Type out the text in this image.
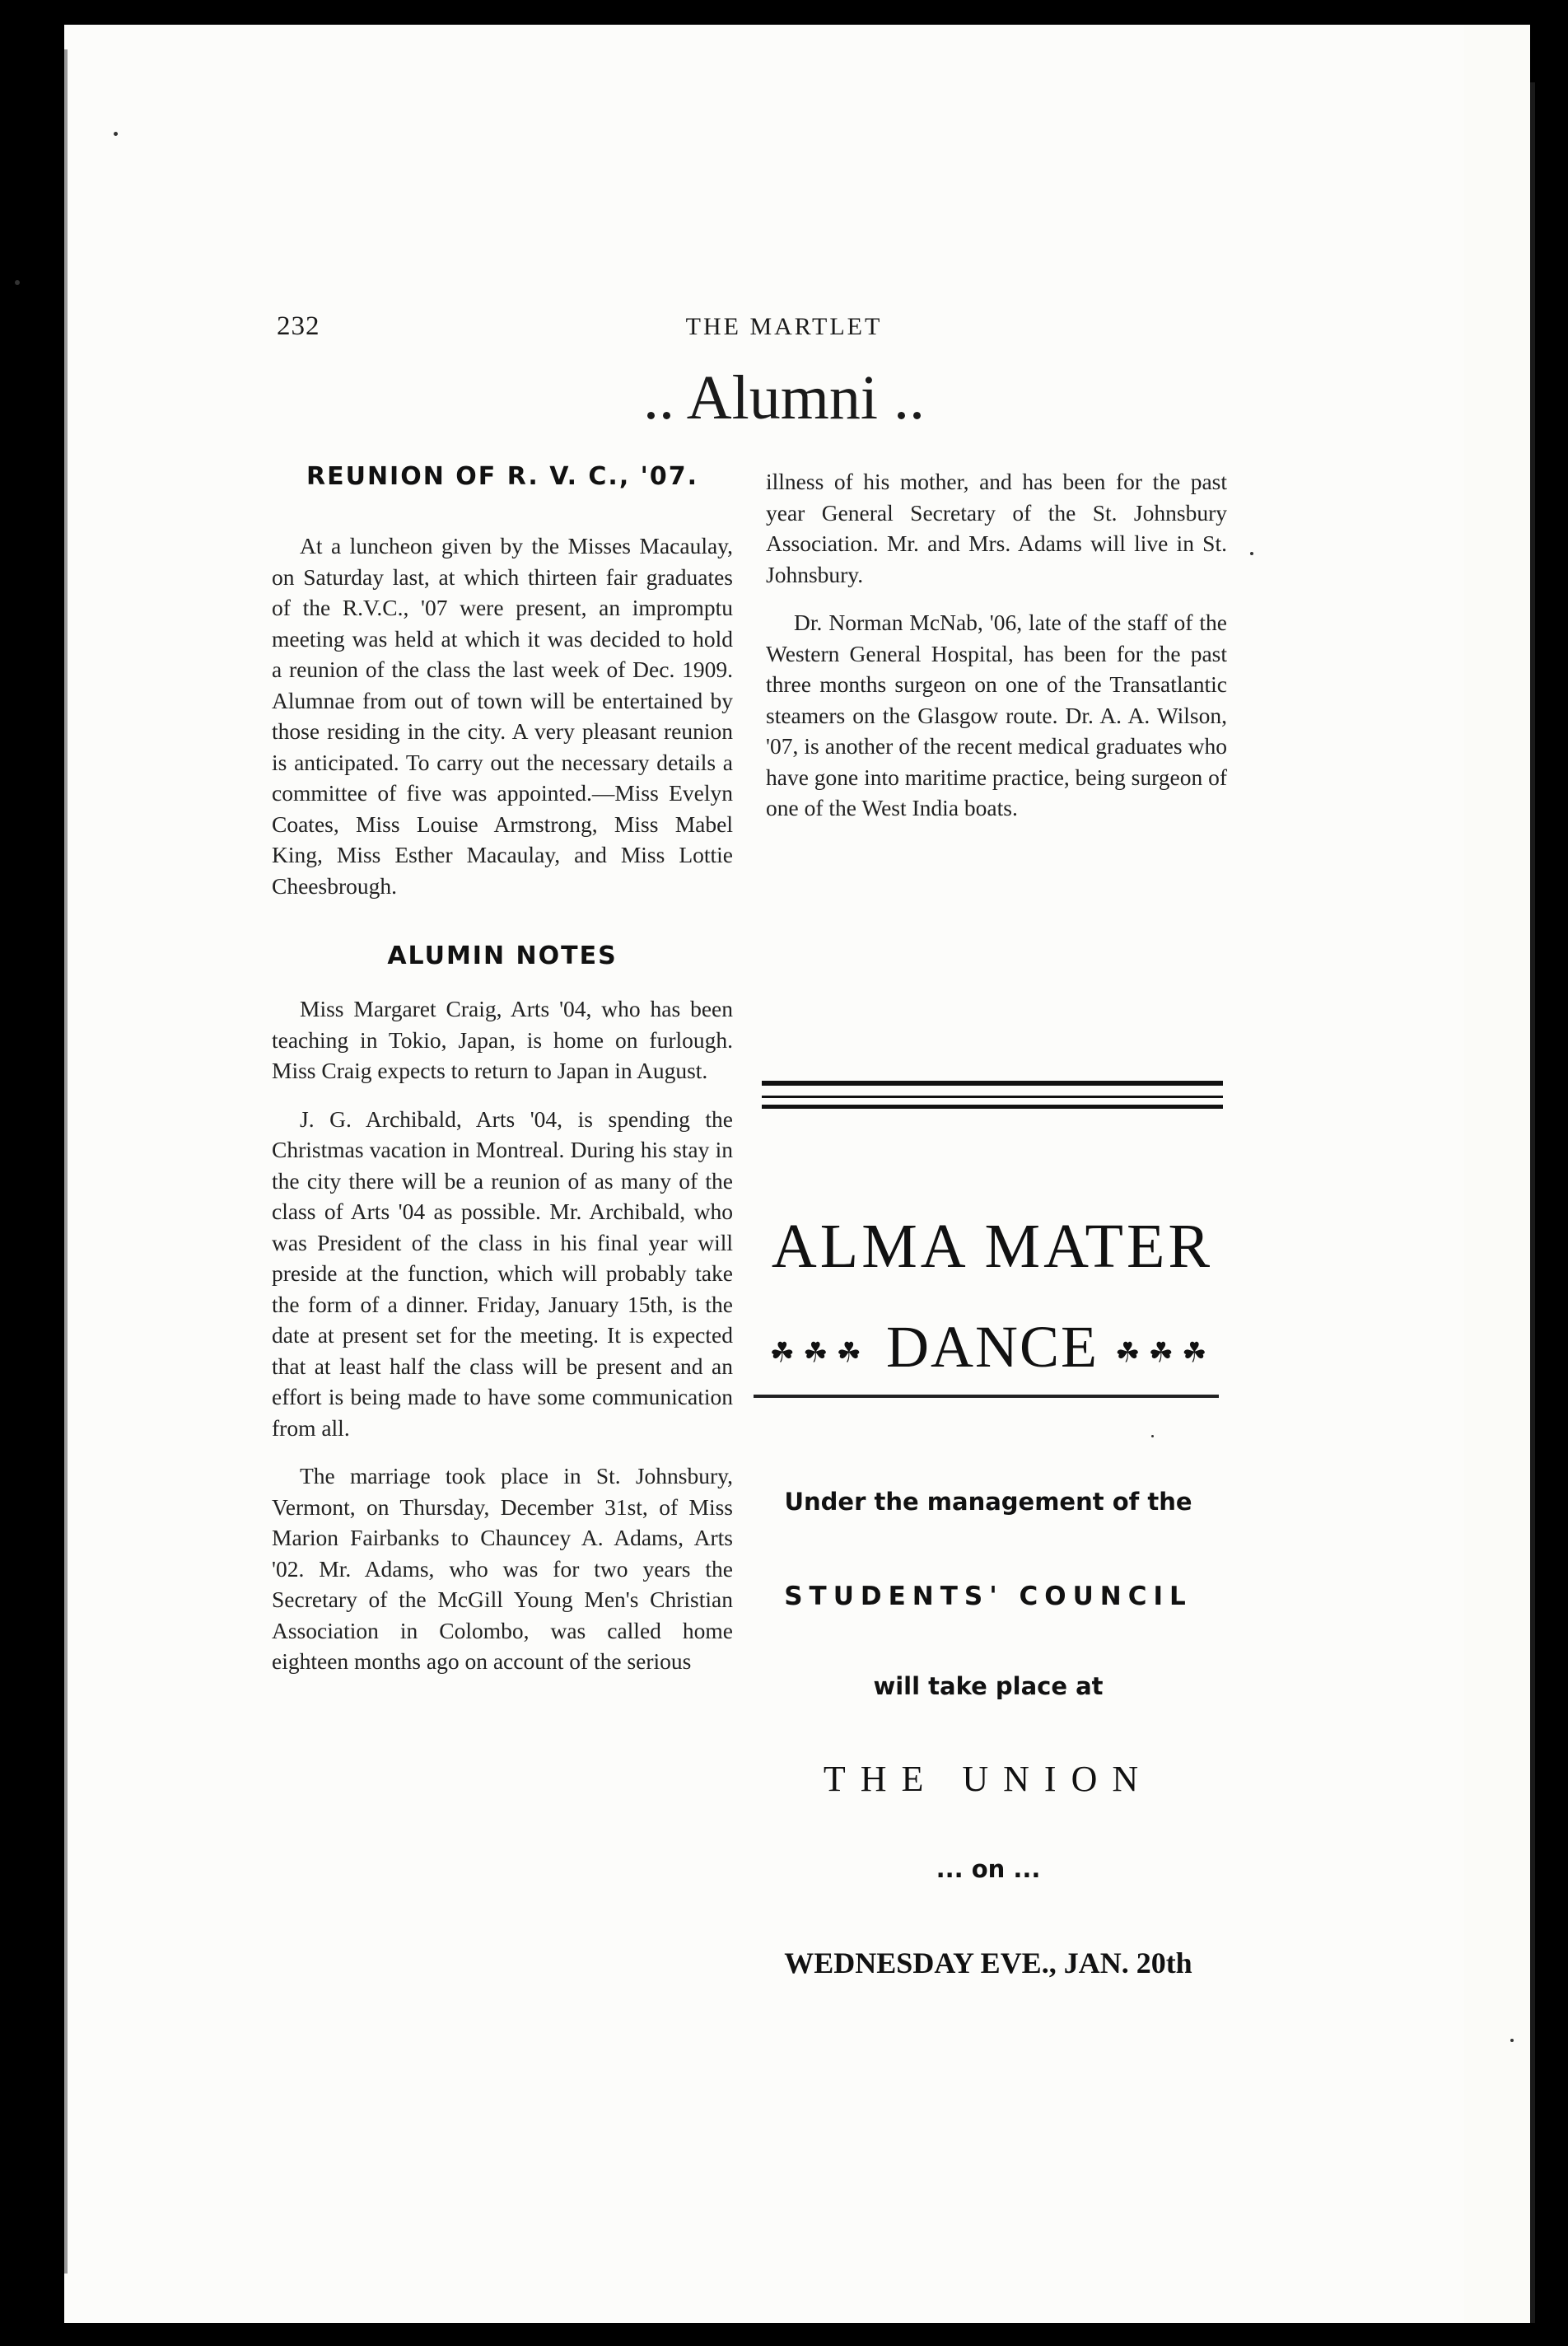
232	THE MARTLET
.. Alumni ..
REUNION OF R. V. C., '07.

At a luncheon given by the Misses Macaulay, on Saturday last, at which thirteen fair graduates of the R.V.C., '07 were present, an impromptu meeting was held at which it was decided to hold a reunion of the class the last week of Dec. 1909. Alumnae from out of town will be entertained by those residing in the city. A very pleasant reunion is anticipated. To carry out the necessary details a committee of five was appointed.—Miss Evelyn Coates, Miss Louise Armstrong, Miss Mabel King, Miss Esther Macaulay, and Miss Lottie Cheesbrough.

ALUMIN NOTES

Miss Margaret Craig, Arts '04, who has been teaching in Tokio, Japan, is home on furlough. Miss Craig expects to return to Japan in August.

J. G. Archibald, Arts '04, is spending the Christmas vacation in Montreal. During his stay in the city there will be a reunion of as many of the class of Arts '04 as possible. Mr. Archibald, who was President of the class in his final year will preside at the function, which will probably take the form of a dinner. Friday, January 15th, is the date at present set for the meeting. It is expected that at least half the class will be present and an effort is being made to have some communication from all.

The marriage took place in St. Johnsbury, Vermont, on Thursday, December 31st, of Miss Marion Fairbanks to Chauncey A. Adams, Arts '02. Mr. Adams, who was for two years the Secretary of the McGill Young Men's Christian Association in Colombo, was called home eighteen months ago on account of the serious

illness of his mother, and has been for the past year General Secretary of the St. Johnsbury Association. Mr. and Mrs. Adams will live in St. Johnsbury.

Dr. Norman McNab, '06, late of the staff of the Western General Hospital, has been for the past three months surgeon on one of the Transatlantic steamers on the Glasgow route. Dr. A. A. Wilson, '07, is another of the recent medical graduates who have gone into maritime practice, being surgeon of one of the West India boats.

ALMA MATER
☘☘☘ DANCE ☘☘☘
Under the management of the
STUDENTS' COUNCIL
will take place at
THE UNION
... on ...
WEDNESDAY EVE., JAN. 20th
